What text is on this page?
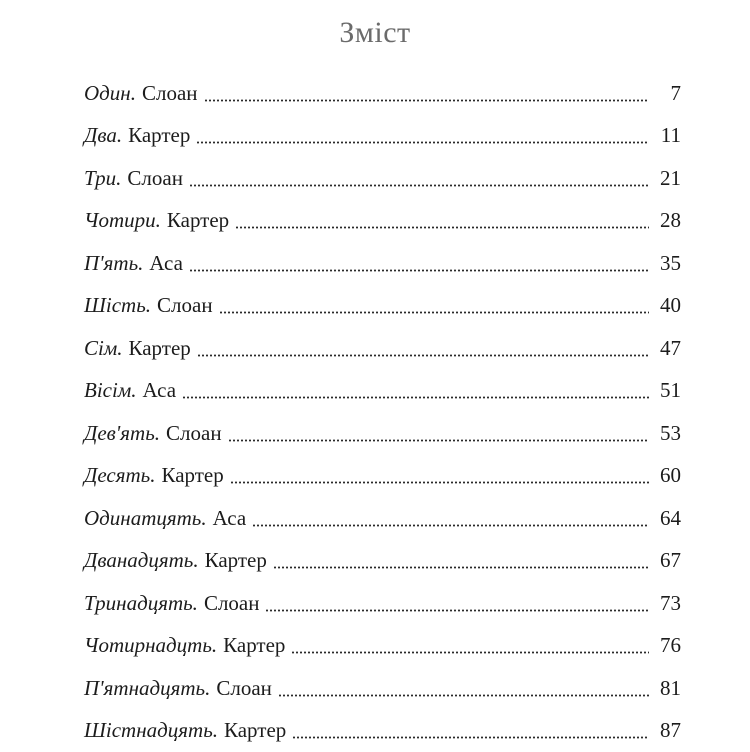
Зміст
Один. Слоан	7
Два. Картер	11
Три. Слоан	21
Чотири. Картер	28
П'ять. Аса	35
Шість. Слоан	40
Сім. Картер	47
Вісім. Аса	51
Дев'ять. Слоан	53
Десять. Картер	60
Одинатцять. Аса	64
Дванадцять. Картер	67
Тринадцять. Слоан	73
Чотирнадцть. Картер	76
П'ятнадцять. Слоан	81
Шістнадцять. Картер	87
